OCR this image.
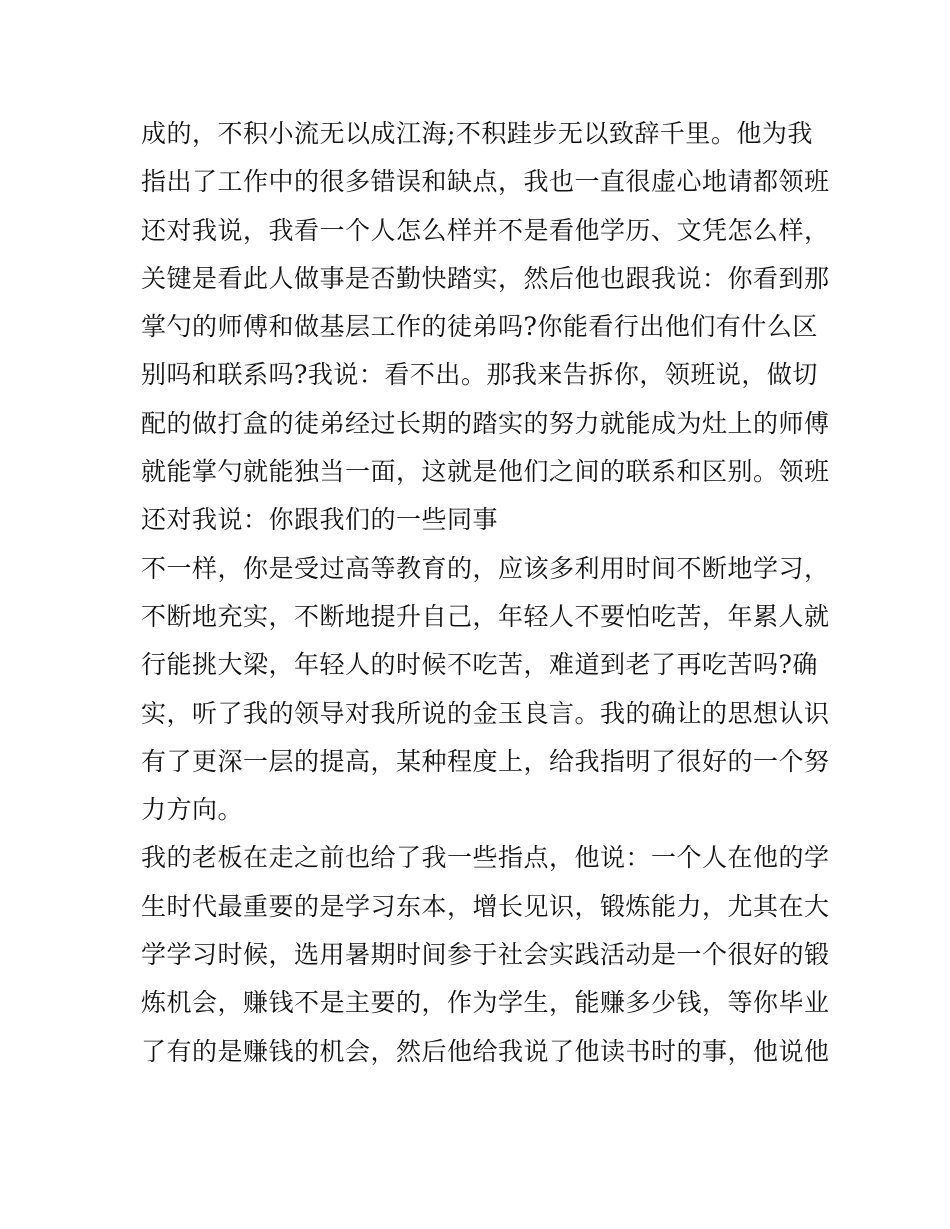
成的，不积小流无以成江海;不积跬步无以致辞千里。他为我
指出了工作中的很多错误和缺点，我也一直很虚心地请都领班
还对我说，我看一个人怎么样并不是看他学历、文凭怎么样，
关键是看此人做事是否勤快踏实，然后他也跟我说：你看到那
掌勺的师傅和做基层工作的徒弟吗?你能看行出他们有什么区
别吗和联系吗?我说：看不出。那我来告拆你，领班说，做切
配的做打盒的徒弟经过长期的踏实的努力就能成为灶上的师傅
就能掌勺就能独当一面，这就是他们之间的联系和区别。领班
还对我说：你跟我们的一些同事
不一样，你是受过高等教育的，应该多利用时间不断地学习，
不断地充实，不断地提升自己，年轻人不要怕吃苦，年累人就
行能挑大梁，年轻人的时候不吃苦，难道到老了再吃苦吗?确
实，听了我的领导对我所说的金玉良言。我的确让的思想认识
有了更深一层的提高，某种程度上，给我指明了很好的一个努
力方向。
我的老板在走之前也给了我一些指点，他说：一个人在他的学
生时代最重要的是学习东本，增长见识，锻炼能力，尤其在大
学学习时候，选用暑期时间参于社会实践活动是一个很好的锻
炼机会，赚钱不是主要的，作为学生，能赚多少钱，等你毕业
了有的是赚钱的机会，然后他给我说了他读书时的事，他说他
